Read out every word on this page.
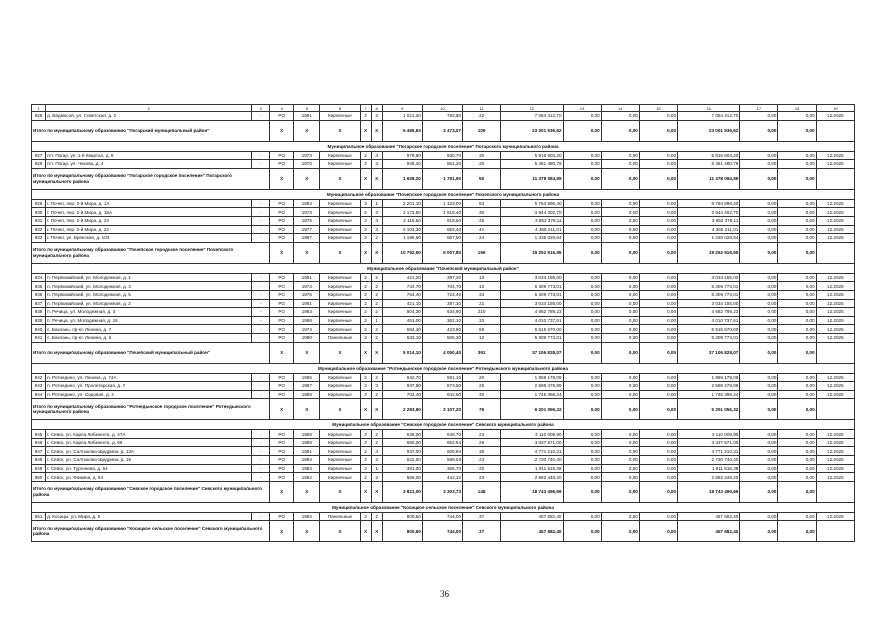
1	2	3	4	5	6	7	8	9	10	11	12	13	14	15	16	17	18	19
928	д. Вадмосов, ул. Советская, д. 2	-	РО	1991	Кирпичные	2	2	1 021,20	782,80	22	7 054 412,70	0,00	0,00	0,00	7 054 412,70	0,00	0,00	12.2025
Итого по муниципальному образованию "Погарский муниципальный район"			Х	Х	Х	Х	Х	5 465,63	3 473,07	109	23 001 936,62	0,00	0,00	0,00	23 001 936,62	0,00	0,00	
Муниципальное образование "Погарское городское поселение" Погарского муниципального района																		
927	пгт. Погар, ул. 1-й Квартал, д. 8	-	РО	1973	Кирпичные	2	3	979,80	930,70	30	5 916 604,20	0,00	0,00	0,00	5 916 604,20	0,00	0,00	12.2025
929	пгт. Погар, ул. Чехова, д. 4	-	РО	1970	Кирпичные	2	3	948,40	861,20	20	5 461 480,79	0,00	0,00	0,00	5 461 480,79	0,00	0,00	12.2025
Итого по муниципальному образованию "Погарское городское поселение" Погарского муниципального района			Х	Х	Х	Х	Х	1 928,20	1 791,90	50	11 378 084,99	0,00	0,00	0,00	11 378 084,99	0,00	0,00	
Муниципальное образование "Почепское городское поселение" Почепского муниципального района																		
929	г. Почеп, пер. 2-й Мира, д. 1А	-	РО	1984	Кирпичные	3	1	2 201,10	1 123,00	53	5 764 896,40	0,00	0,00	0,00	5 764 896,40	0,00	0,00	12.2025
930	г. Почеп, пер. 2-й Мира, д. 18А	-	РО	1973	Кирпичные	2	3	2 173,50	1 618,40	30	3 944 402,70	0,00	0,00	0,00	3 944 402,70	0,00	0,00	12.2025
931	г. Почеп, пер. 2-й Мира, д. 24	-	РО	1975	Кирпичные	2	3	2 118,50	918,50	26	3 853 378,11	0,00	0,00	0,00	3 853 378,11	0,00	0,00	12.2025
932	г. Почеп, пер. 2-й Мира, д. 22	-	РО	1977	Кирпичные	2	3	2 103,30	882,40	41	4 355 211,01	0,00	0,00	0,00	4 355 211,01	0,00	0,00	12.2025
933	г. Почеп, ул. Брянская, д. 103	-	РО	1987	Кирпичные	2	2	1 196,60	567,50	24	1 335 028,64	0,00	0,00	0,00	1 335 028,64	0,00	0,00	12.2025
Итого по муниципальному образованию "Почепское городское поселение" Почепского муниципального района			Х	Х	Х	Х	Х	10 792,60	5 007,80	196	19 252 916,95	0,00	0,00	0,00	19 252 916,95	0,00	0,00	
Муниципальное образование "Почепский муниципальный район"																		
934	п. Первомайский, ул. Молодежная, д. 1	-	РО	1981	Кирпичные	2	2	421,20	397,20	13	3 034 155,00	0,00	0,00	0,00	3 034 155,00	0,00	0,00	12.2025
935	п. Первомайский, ул. Молодежная, д. 3	-	РО	1973	Кирпичные	2	2	734,70	704,70	10	5 309 773,01	0,00	0,00	0,00	5 309 773,01	0,00	0,00	12.2025
936	п. Первомайский, ул. Молодежная, д. 5	-	РО	1976	Кирпичные	2	2	754,40	724,40	33	5 309 773,01	0,00	0,00	0,00	5 309 773,01	0,00	0,00	12.2025
937	п. Первомайский, ул. Молодежная, д. 2	-	РО	1981	Кирпичные	2	2	421,10	397,10	21	3 034 155,00	0,00	0,00	0,00	3 034 155,00	0,00	0,00	12.2025
938	п. Речица, ул. Молодежная, д. 3	-	РО	1983	Кирпичные	2	2	804,30	634,90	210	4 682 789,23	0,00	0,00	0,00	4 682 789,23	0,00	0,00	12.2025
939	п. Речица, ул. Молодежная, д. 16	-	РО	1988	Кирпичные	2	1	461,00	362,10	33	4 010 737,61	0,00	0,00	0,00	4 010 737,61	0,00	0,00	12.2025
940	с. Баклань, пр-кт. Ленина, д. 7	-	РО	1974	Кирпичные	2	2	684,40	423,80	69	6 515 670,00	0,00	0,00	0,00	6 515 670,00	0,00	0,00	12.2025
941	с. Баклань, пр-кт. Ленина, д. 8	-	РО	1980	Панельные	3	2	533,10	506,20	12	5 309 773,01	0,00	0,00	0,00	5 309 773,01	0,00	0,00	12.2025
Итого по муниципальному образованию "Почепский муниципальный район"			Х	Х	Х	Х	Х	5 014,10	4 050,40	391	37 106 828,07	0,00	0,00	0,00	37 106 828,07	0,00	0,00	
Муниципальное образование "Ротнедынское городское поселение" Ротнедынского муниципального района																		
942	п. Ротнедино, ул. Ленина, д. 74А	-	РО	1965	Кирпичные	2	2	642,70	591,10	20	1 859 179,09	0,00	0,00	0,00	1 859 179,09	0,00	0,00	12.2025
943	п. Ротнедино, ул. Пролетарская, д. 7	-	РО	1987	Кирпичные	2	3	937,80	873,50	25	2 595 478,89	0,00	0,00	0,00	2 595 478,89	0,00	0,00	12.2025
944	п. Ротнедино, ул. Садовая, д. 4	-	РО	1988	Кирпичные	2	2	703,40	642,60	30	1 745 398,24	0,00	0,00	0,00	1 745 398,24	0,00	0,00	12.2025
Итого по муниципальному образованию "Ротнедынское городское поселение" Ротнедынского муниципального района			Х	Х	Х	Х	Х	2 283,90	2 107,20	75	6 201 056,32	0,00	0,00	0,00	6 201 056,32	0,00	0,00	
Муниципальное образование "Севское городское поселение" Севского муниципального района																		
945	г. Севск, ул. Карла Либкнехта, д. 47А	-	РО	1969	Кирпичные	2	2	635,00	549,70	23	3 110 009,90	0,00	0,00	0,00	3 110 009,90	0,00	0,00	12.2025
946	г. Севск, ул. Карла Либкнехта, д. 66	-	РО	1988	Кирпичные	2	2	680,00	652,54	28	3 337 571,00	0,00	0,00	0,00	3 337 571,00	0,00	0,00	12.2025
947	г. Севск, ул. Салтыкова-Щедрина, д. 13А	-	РО	1981	Кирпичные	2	3	937,00	606,84	36	4 771 210,31	0,00	0,00	0,00	4 771 210,31	0,00	0,00	12.2025
948	г. Севск, ул. Салтыкова-Щедрина, д. 19	-	РО	1984	Кирпичные	2	2	622,00	589,03	23	2 730 740,40	0,00	0,00	0,00	2 730 740,40	0,00	0,00	12.2025
949	г. Севск, ул. Тургенева, д. 54	-	РО	1983	Кирпичные	2	1	381,00	355,70	20	1 911 616,38	0,00	0,00	0,00	1 911 616,38	0,00	0,00	12.2025
950	г. Севск, ул. Фомина, д. 54	-	РО	1982	Кирпичные	2	2	566,00	442,12	23	2 882 448,20	0,00	0,00	0,00	2 882 448,20	0,00	0,00	12.2025
Итого по муниципальному образованию "Севское городское поселение" Севского муниципального района			Х	Х	Х	Х	Х	3 821,00	3 303,73	148	18 743 496,69	0,00	0,00	0,00	18 743 496,69	0,00	0,00	
Муниципальное образование "Косицкое сельское поселение" Севского муниципального района																		
951	д. Косицы, ул. Мира, д. 5	-	РО	1984	Панельные	2	2	800,50	744,00	37	457 682,40	0,00	0,00	0,00	457 682,40	0,00	0,00	12.2025
Итого по муниципальному образованию "Косицкое сельское поселение" Севского муниципального района			Х	Х	Х	Х	Х	800,50	744,00	37	457 682,40	0,00	0,00	0,00	457 682,40	0,00	0,00	
36
